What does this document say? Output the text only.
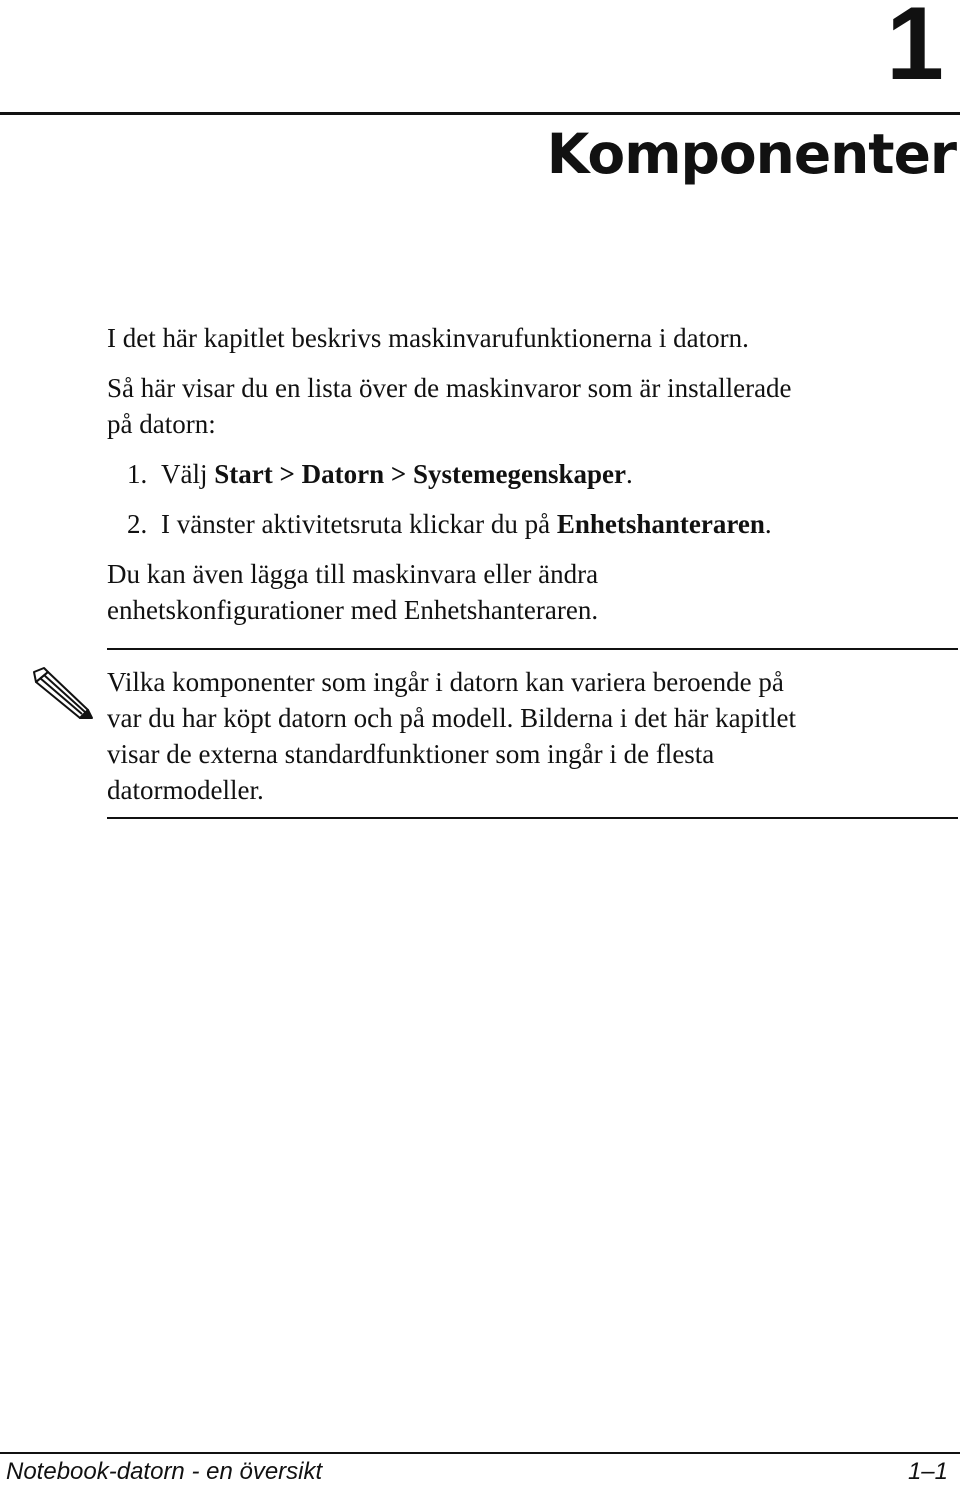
1
Komponenter

I det här kapitlet beskrivs maskinvarufunktionerna i datorn.

Så här visar du en lista över de maskinvaror som är installerade
på datorn:

1. Välj Start > Datorn > Systemegenskaper.

2. I vänster aktivitetsruta klickar du på Enhetshanteraren.

Du kan även lägga till maskinvara eller ändra
enhetskonfigurationer med Enhetshanteraren.
Vilka komponenter som ingår i datorn kan variera beroende på
var du har köpt datorn och på modell. Bilderna i det här kapitlet
visar de externa standardfunktioner som ingår i de flesta
datormodeller.

Notebook-datorn - en översikt	1–1
